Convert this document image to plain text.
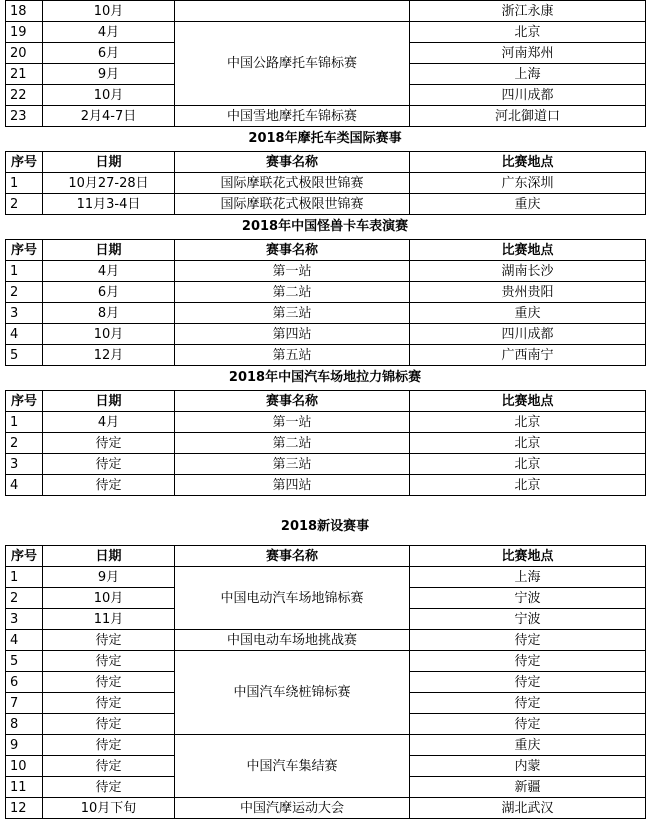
18	10月		浙江永康
19	4月	中国公路摩托车锦标赛	北京
20	6月		河南郑州
21	9月		上海
22	10月		四川成都
23	2月4-7日	中国雪地摩托车锦标赛	河北御道口
2018年摩托车类国际赛事
序号	日期	赛事名称	比赛地点
1	10月27-28日	国际摩联花式极限世锦赛	广东深圳
2	11月3-4日	国际摩联花式极限世锦赛	重庆
2018年中国怪兽卡车表演赛
序号	日期	赛事名称	比赛地点
1	4月	第一站	湖南长沙
2	6月	第二站	贵州贵阳
3	8月	第三站	重庆
4	10月	第四站	四川成都
5	12月	第五站	广西南宁
2018年中国汽车场地拉力锦标赛
序号	日期	赛事名称	比赛地点
1	4月	第一站	北京
2	待定	第二站	北京
3	待定	第三站	北京
4	待定	第四站	北京
2018新设赛事
序号	日期	赛事名称	比赛地点
1	9月	中国电动汽车场地锦标赛	上海
2	10月		宁波
3	11月		宁波
4	待定	中国电动车场地挑战赛	待定
5	待定	中国汽车绕桩锦标赛	待定
6	待定		待定
7	待定		待定
8	待定		待定
9	待定	中国汽车集结赛	重庆
10	待定		内蒙
11	待定		新疆
12	10月下旬	中国汽摩运动大会	湖北武汉
